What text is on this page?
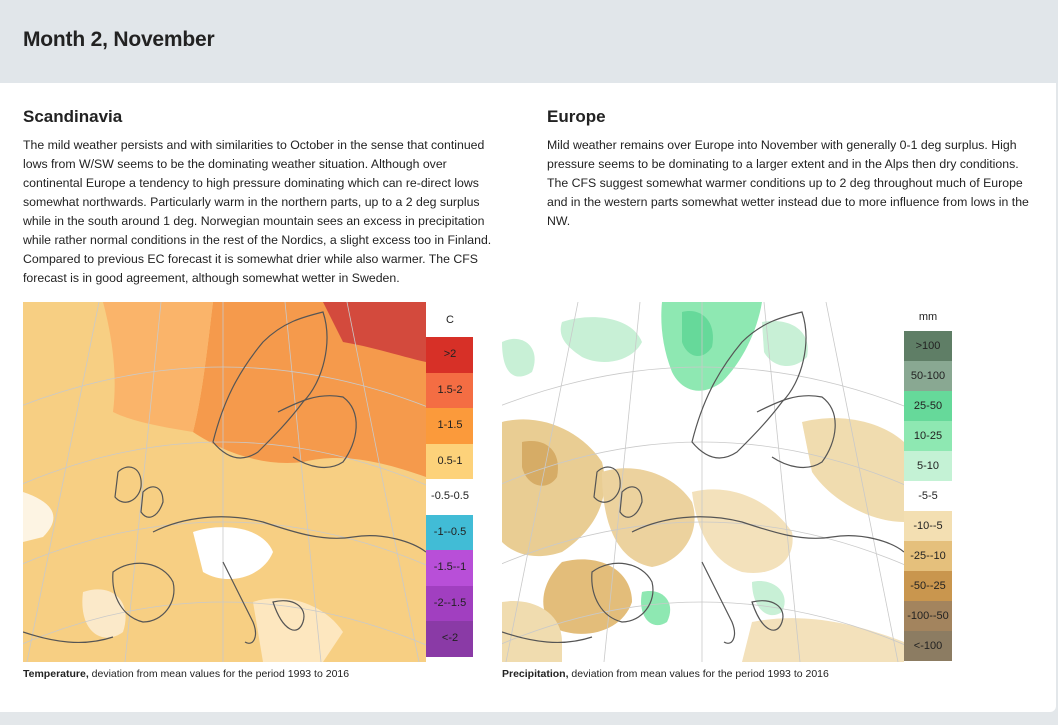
Month 2, November
Scandinavia

The mild weather persists and with similarities to October in the sense that continued lows from W/SW seems to be the dominating weather situation. Although over continental Europe a tendency to high pressure dominating which can re-direct lows somewhat northwards. Particularly warm in the northern parts, up to a 2 deg surplus while in the south around 1 deg. Norwegian mountain sees an excess in precipitation while rather normal conditions in the rest of the Nordics, a slight excess too in Finland. Compared to previous EC forecast it is somewhat drier while also warmer. The CFS forecast is in good agreement, although somewhat wetter in Sweden.

Europe

Mild weather remains over Europe into November with generally 0-1 deg surplus. High pressure seems to be dominating to a larger extent and in the Alps then dry conditions. The CFS suggest somewhat warmer conditions up to 2 deg throughout much of Europe and in the western parts somewhat wetter instead due to more influence from lows in the NW.

C
>2
1.5-2
1-1.5
0.5-1
-0.5-0.5
-1--0.5
-1.5--1
-2--1.5
<-2

Temperature, deviation from mean values for the period 1993 to 2016

mm
>100
50-100
25-50
10-25
5-10
-5-5
-10--5
-25--10
-50--25
-100--50
<-100

Precipitation, deviation from mean values for the period 1993 to 2016
